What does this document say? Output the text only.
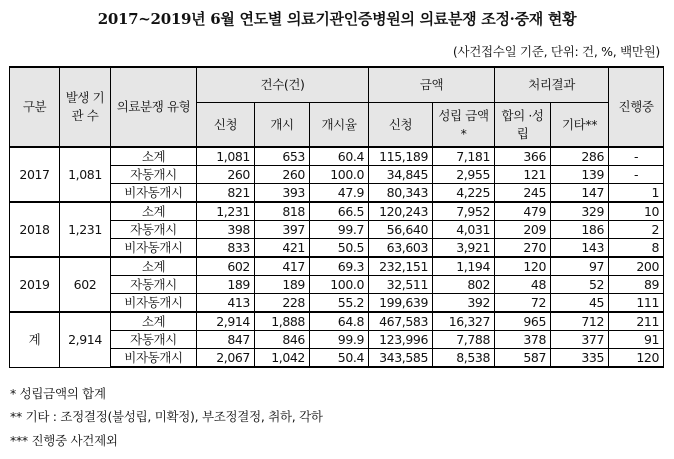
2017~2019년 6월 연도별 의료기관인증병원의 의료분쟁 조정·중재 현황
(사건접수일 기준, 단위: 건, %, 백만원)
구분	발생 기관 수	의료분쟁 유형	건수(건)			금액		처리결과		진행중
			신청	개시	개시율	신청	성립 금액*	합의 ·성립	기타**	
2017	1,081	소계	1,081	653	60.4	115,189	7,181	366	286	-
		자동개시	260	260	100.0	34,845	2,955	121	139	-
		비자동개시	821	393	47.9	80,343	4,225	245	147	1
2018	1,231	소계	1,231	818	66.5	120,243	7,952	479	329	10
		자동개시	398	397	99.7	56,640	4,031	209	186	2
		비자동개시	833	421	50.5	63,603	3,921	270	143	8
2019	602	소계	602	417	69.3	232,151	1,194	120	97	200
		자동개시	189	189	100.0	32,511	802	48	52	89
		비자동개시	413	228	55.2	199,639	392	72	45	111
계	2,914	소계	2,914	1,888	64.8	467,583	16,327	965	712	211
		자동개시	847	846	99.9	123,996	7,788	378	377	91
		비자동개시	2,067	1,042	50.4	343,585	8,538	587	335	120
* 성립금액의 합계
** 기타 : 조정결정(불성립, 미확정), 부조정결정, 취하, 각하
*** 진행중 사건제외
